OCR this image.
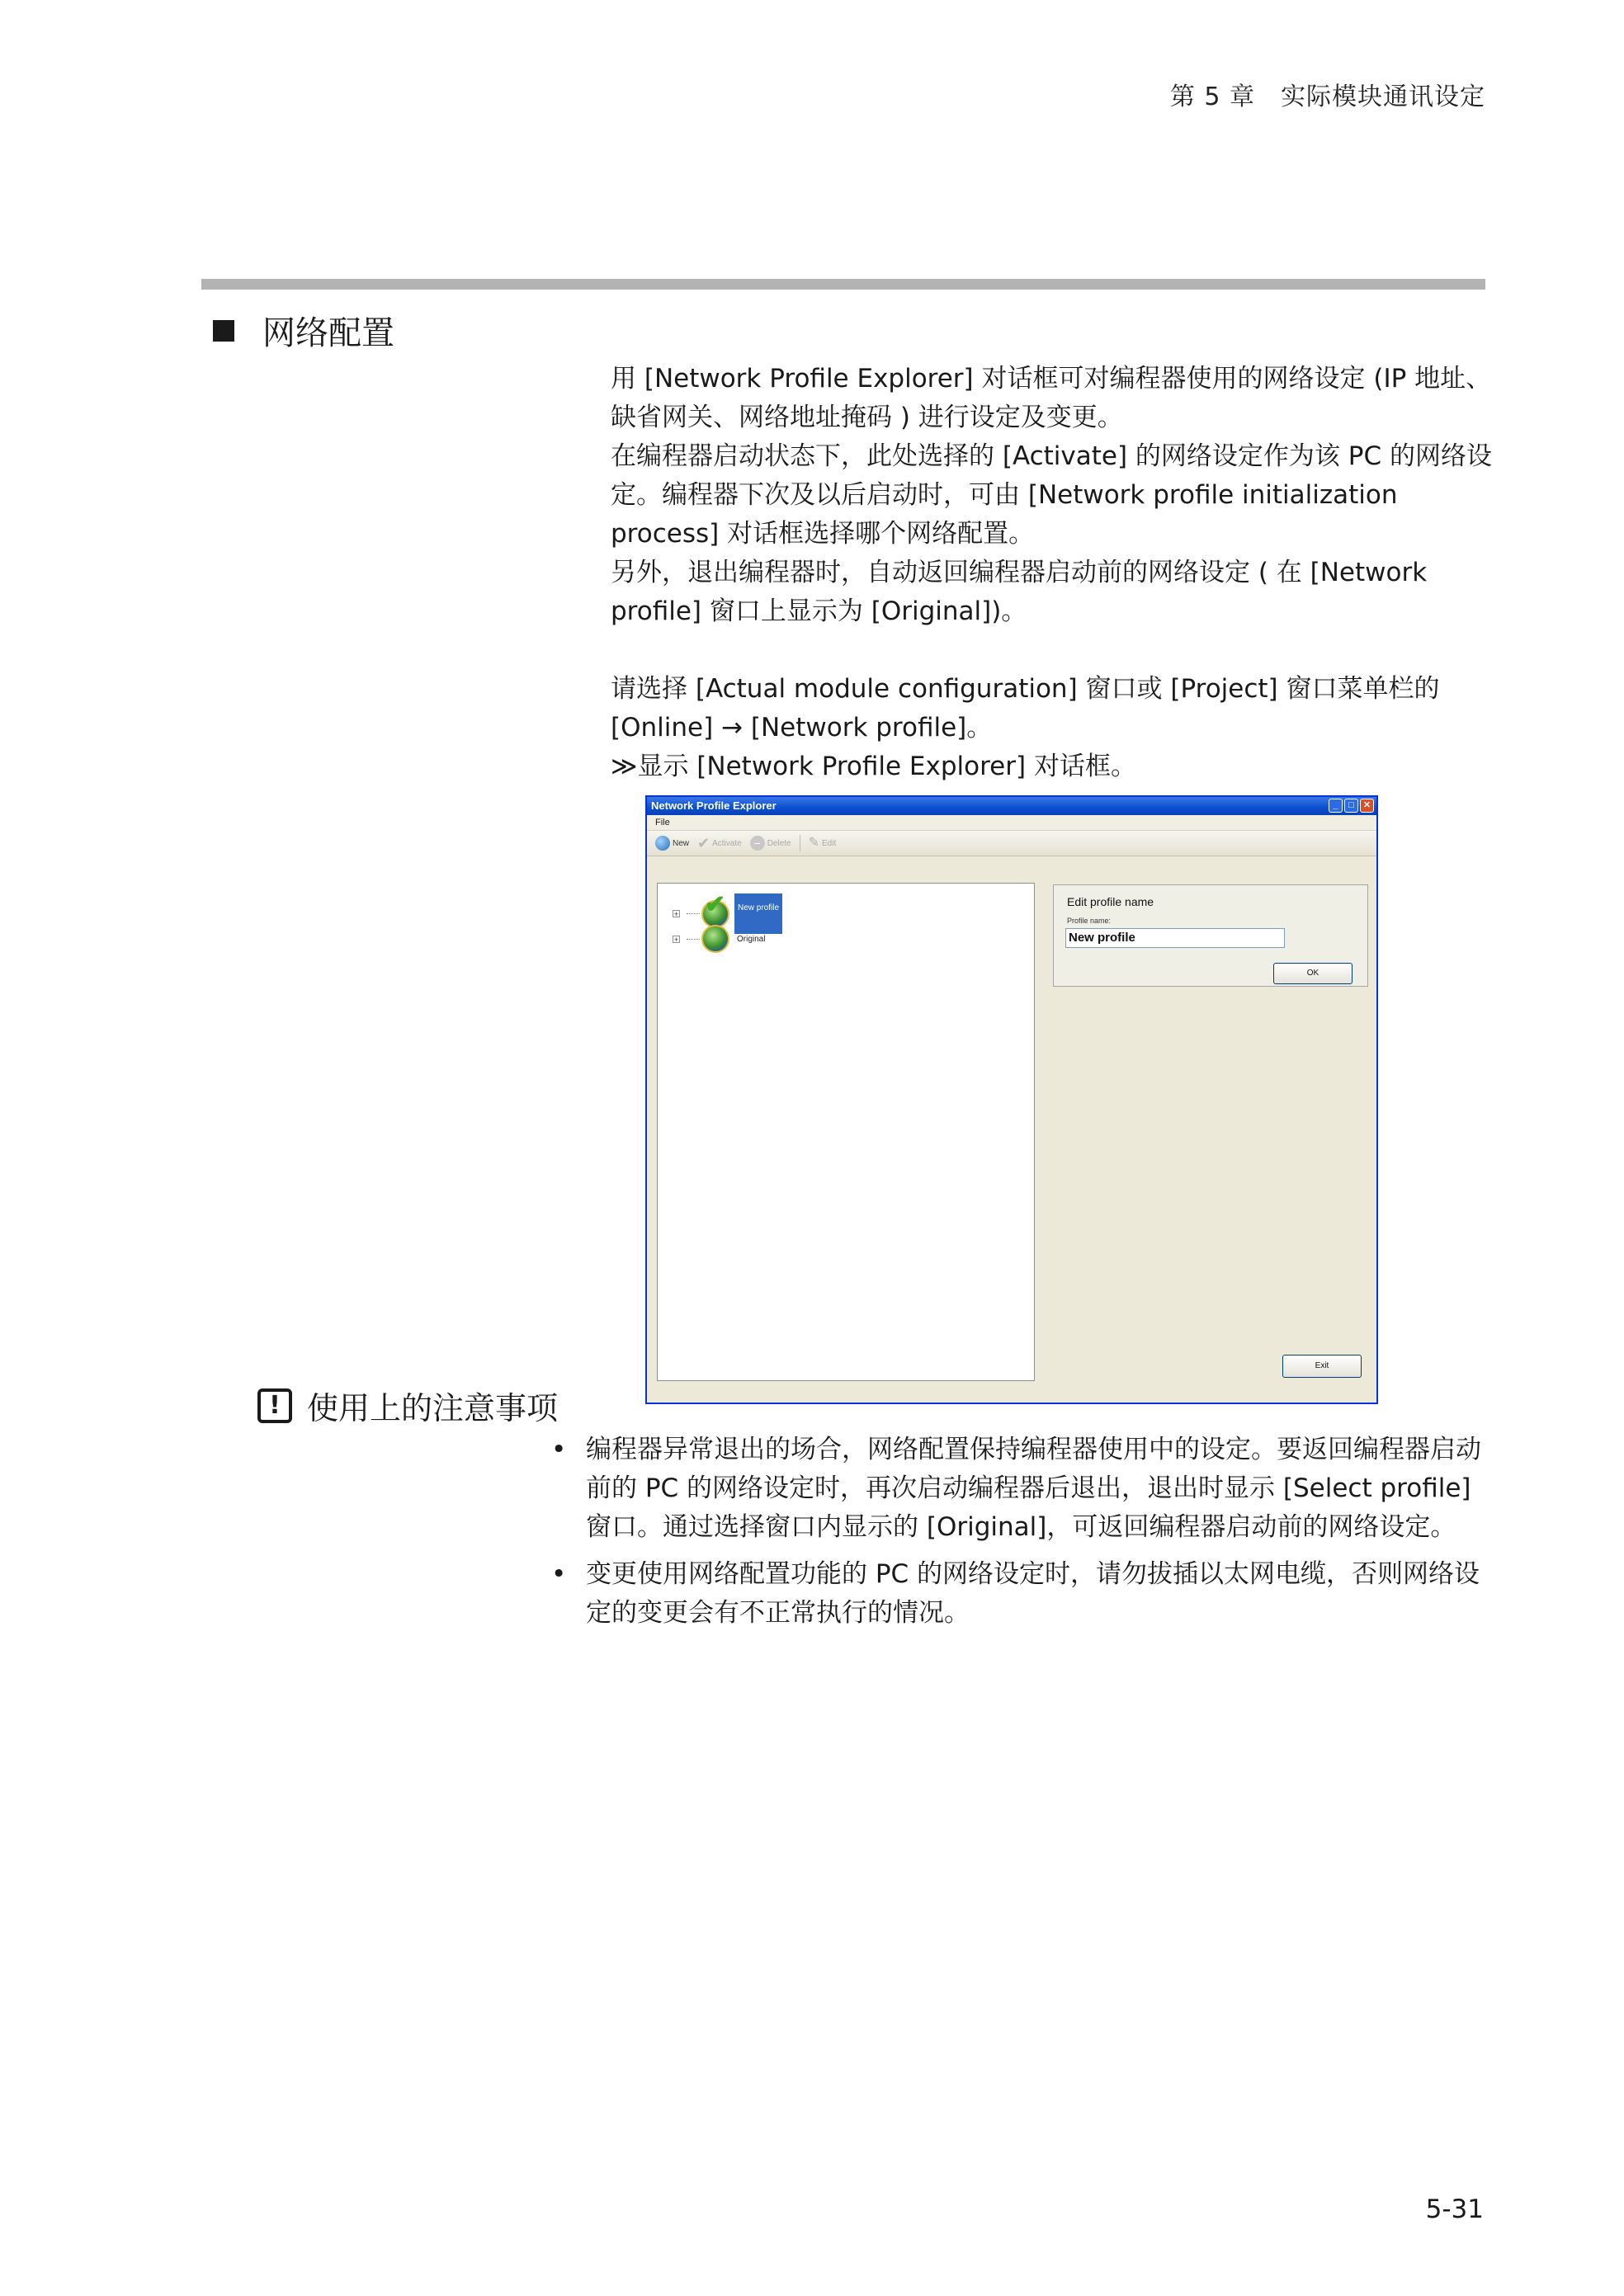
第 5 章　实际模块通讯设定
网络配置

用 [Network Profile Explorer] 对话框可对编程器使用的网络设定 (IP 地址、缺省网关、网络地址掩码 ) 进行设定及变更。

在编程器启动状态下，此处选择的 [Activate] 的网络设定作为该 PC 的网络设定。编程器下次及以后启动时，可由 [Network profile initialization process] 对话框选择哪个网络配置。

另外，退出编程器时，自动返回编程器启动前的网络设定 ( 在 [Network profile] 窗口上显示为 [Original])。

请选择 [Actual module configuration] 窗口或 [Project] 窗口菜单栏的 [Online] → [Network profile]。

≫显示 [Network Profile Explorer] 对话框。

Network Profile Explorer	_	□	✕
File
New ✔ Activate	− Delete ✎ Edit
+ ✔	New profile
+	Original
Edit profile name
Profile name:
New profile
OK
Exit
! 使用上的注意事项
• 编程器异常退出的场合，网络配置保持编程器使用中的设定。要返回编程器启动前的 PC 的网络设定时，再次启动编程器后退出，退出时显示 [Select profile] 窗口。通过选择窗口内显示的 [Original]，可返回编程器启动前的网络设定。
• 变更使用网络配置功能的 PC 的网络设定时，请勿拔插以太网电缆，否则网络设定的变更会有不正常执行的情况。
5-31
